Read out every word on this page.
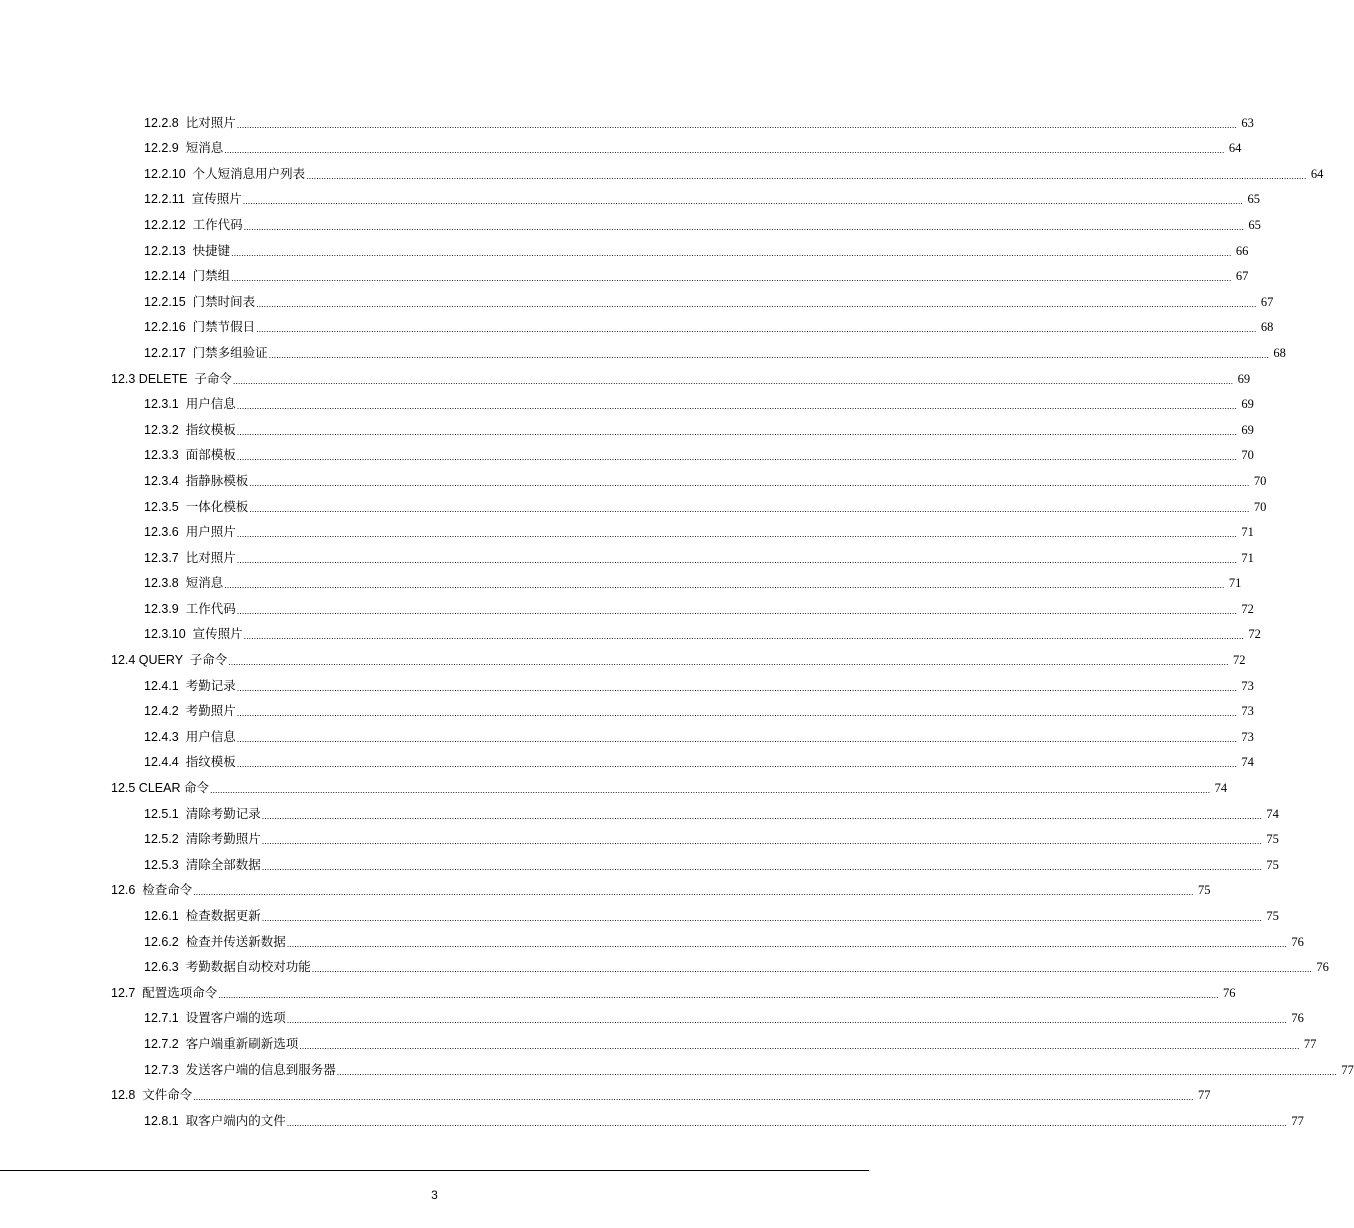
12.2.8  比对照片 ................................................................................................................................................................................................................................................................................................................................................................................................................ 63
12.2.9  短消息 ................................................................................................................................................................................................................................................................................................................................................................................................................ 64
12.2.10  个人短消息用户列表 ................................................................................................................................................................................................................................................................................................................................................................................................................ 64
12.2.11  宣传照片 ................................................................................................................................................................................................................................................................................................................................................................................................................ 65
12.2.12  工作代码 ................................................................................................................................................................................................................................................................................................................................................................................................................ 65
12.2.13  快捷键 ................................................................................................................................................................................................................................................................................................................................................................................................................ 66
12.2.14  门禁组 ................................................................................................................................................................................................................................................................................................................................................................................................................ 67
12.2.15  门禁时间表 ................................................................................................................................................................................................................................................................................................................................................................................................................ 67
12.2.16  门禁节假日 ................................................................................................................................................................................................................................................................................................................................................................................................................ 68
12.2.17  门禁多组验证 ................................................................................................................................................................................................................................................................................................................................................................................................................ 68
12.3 DELETE  子命令 ................................................................................................................................................................................................................................................................................................................................................................................................................ 69
12.3.1  用户信息 ................................................................................................................................................................................................................................................................................................................................................................................................................ 69
12.3.2  指纹模板 ................................................................................................................................................................................................................................................................................................................................................................................................................ 69
12.3.3  面部模板 ................................................................................................................................................................................................................................................................................................................................................................................................................ 70
12.3.4  指静脉模板 ................................................................................................................................................................................................................................................................................................................................................................................................................ 70
12.3.5  一体化模板 ................................................................................................................................................................................................................................................................................................................................................................................................................ 70
12.3.6  用户照片 ................................................................................................................................................................................................................................................................................................................................................................................................................ 71
12.3.7  比对照片 ................................................................................................................................................................................................................................................................................................................................................................................................................ 71
12.3.8  短消息 ................................................................................................................................................................................................................................................................................................................................................................................................................ 71
12.3.9  工作代码 ................................................................................................................................................................................................................................................................................................................................................................................................................ 72
12.3.10  宣传照片 ................................................................................................................................................................................................................................................................................................................................................................................................................ 72
12.4 QUERY  子命令 ................................................................................................................................................................................................................................................................................................................................................................................................................ 72
12.4.1  考勤记录 ................................................................................................................................................................................................................................................................................................................................................................................................................ 73
12.4.2  考勤照片 ................................................................................................................................................................................................................................................................................................................................................................................................................ 73
12.4.3  用户信息 ................................................................................................................................................................................................................................................................................................................................................................................................................ 73
12.4.4  指纹模板 ................................................................................................................................................................................................................................................................................................................................................................................................................ 74
12.5 CLEAR 命令 ................................................................................................................................................................................................................................................................................................................................................................................................................ 74
12.5.1  清除考勤记录 ................................................................................................................................................................................................................................................................................................................................................................................................................ 74
12.5.2  清除考勤照片 ................................................................................................................................................................................................................................................................................................................................................................................................................ 75
12.5.3  清除全部数据 ................................................................................................................................................................................................................................................................................................................................................................................................................ 75
12.6  检查命令 ................................................................................................................................................................................................................................................................................................................................................................................................................ 75
12.6.1  检查数据更新 ................................................................................................................................................................................................................................................................................................................................................................................................................ 75
12.6.2  检查并传送新数据 ................................................................................................................................................................................................................................................................................................................................................................................................................ 76
12.6.3  考勤数据自动校对功能 ................................................................................................................................................................................................................................................................................................................................................................................................................ 76
12.7  配置选项命令 ................................................................................................................................................................................................................................................................................................................................................................................................................ 76
12.7.1  设置客户端的选项 ................................................................................................................................................................................................................................................................................................................................................................................................................ 76
12.7.2  客户端重新刷新选项 ................................................................................................................................................................................................................................................................................................................................................................................................................ 77
12.7.3  发送客户端的信息到服务器 ................................................................................................................................................................................................................................................................................................................................................................................................................ 77
12.8  文件命令 ................................................................................................................................................................................................................................................................................................................................................................................................................ 77
12.8.1  取客户端内的文件 ................................................................................................................................................................................................................................................................................................................................................................................................................ 77
3
